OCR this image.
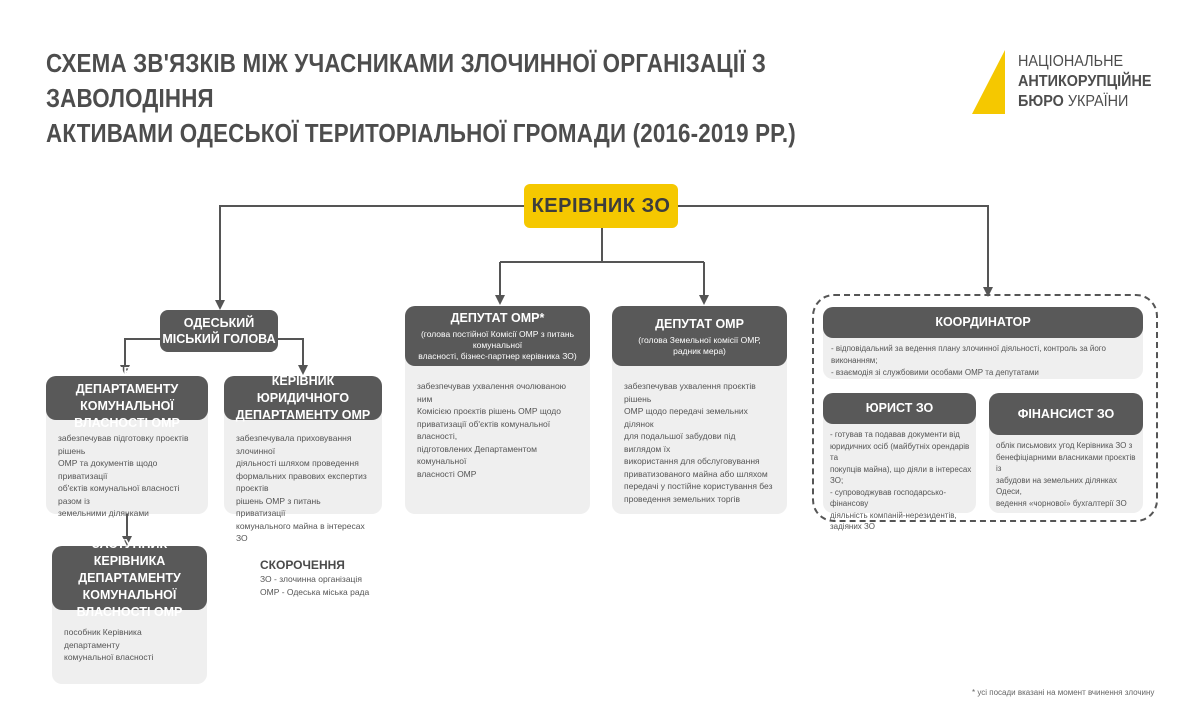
СХЕМА ЗВ'ЯЗКІВ МІЖ УЧАСНИКАМИ ЗЛОЧИННОЇ ОРГАНІЗАЦІЇ З ЗАВОЛОДІННЯ
АКТИВАМИ ОДЕСЬКОЇ ТЕРИТОРІАЛЬНОЇ ГРОМАДИ (2016-2019 РР.)
НАЦІОНАЛЬНЕ
АНТИКОРУПЦІЙНЕ
БЮРО УКРАЇНИ
КЕРІВНИК ЗО
ОДЕСЬКИЙ
МІСЬКИЙ ГОЛОВА
КЕРІВНИК ДЕПАРТАМЕНТУ
КОМУНАЛЬНОЇ ВЛАСНОСТІ ОМР
забезпечував підготовку проєктів рішень
ОМР та документів щодо приватизації
об'єктів комунальної власності разом із
земельними ділянками
КЕРІВНИК ЮРИДИЧНОГО
ДЕПАРТАМЕНТУ ОМР
забезпечувала приховування злочинної
діяльності шляхом проведення
формальних правових експертиз проєктів
рішень ОМР з питань приватизації
комунального майна в інтересах ЗО
ДЕПУТАТ ОМР*
(голова постійної Комісії ОМР з питань комунальної
власності, бізнес-партнер керівника ЗО)
забезпечував ухвалення очолюваною ним
Комісією проєктів рішень ОМР щодо
приватизації об'єктів комунальної власності,
підготовлених Департаментом комунальної
власності ОМР
ДЕПУТАТ ОМР
(голова Земельної комісії ОМР,
радник мера)
забезпечував ухвалення проєктів рішень
ОМР щодо передачі земельних ділянок
для подальшої забудови під виглядом їх
використання для обслуговування
приватизованого майна або шляхом
передачі у постійне користування без
проведення земельних торгів
КООРДИНАТОР
- відповідальний за ведення плану злочинної діяльності, контроль за його виконанням;
- взаємодія зі службовими особами ОМР та депутатами
ЮРИСТ ЗО
- готував та подавав документи від
юридичних осіб (майбутніх орендарів та
покупців майна), що діяли в інтересах ЗО;
- супроводжував господарсько-фінансову
діяльність компаній-нерезидентів,
задіяних ЗО
ФІНАНСИСТ ЗО
облік письмових угод Керівника ЗО з
бенефіціарними власниками проєктів із
забудови на земельних ділянках Одеси,
ведення «чорнової» бухгалтерії ЗО
ЗАСТУПНИК КЕРІВНИКА
ДЕПАРТАМЕНТУ КОМУНАЛЬНОЇ
ВЛАСНОСТІ ОМР
пособник Керівника департаменту
комунальної власності
СКОРОЧЕННЯ
ЗО - злочинна організація
ОМР - Одеська міська рада
* усі посади вказані на момент вчинення злочину
